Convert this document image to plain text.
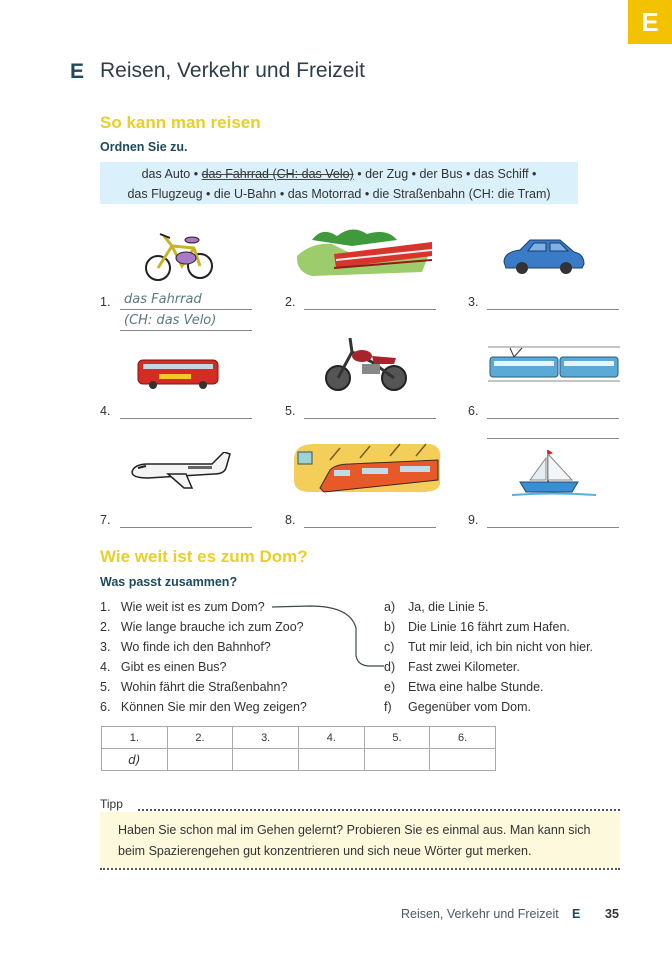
E
E Reisen, Verkehr und Freizeit
So kann man reisen
Ordnen Sie zu.
das Auto • das Fahrrad (CH: das Velo) • der Zug • der Bus • das Schiff •
das Flugzeug • die U-Bahn • das Motorrad • die Straßenbahn (CH: die Tram)
1. das Fahrrad
(CH: das Velo)
2.	3.
4.	5.	6.
7.	8.	9.
Wie weit ist es zum Dom?
Was passt zusammen?
1. Wie weit ist es zum Dom?
2. Wie lange brauche ich zum Zoo?
3. Wo finde ich den Bahnhof?
4. Gibt es einen Bus?
5. Wohin fährt die Straßenbahn?
6. Können Sie mir den Weg zeigen?
a) Ja, die Linie 5.
b) Die Linie 16 fährt zum Hafen.
c) Tut mir leid, ich bin nicht von hier.
d) Fast zwei Kilometer.
e) Etwa eine halbe Stunde.
f) Gegenüber vom Dom.
1.	2.	3.	4.	5.	6.
d)					
Tipp
Haben Sie schon mal im Gehen gelernt? Probieren Sie es einmal aus. Man kann sich
beim Spazierengehen gut konzentrieren und sich neue Wörter gut merken.
Reisen, Verkehr und Freizeit E 35
